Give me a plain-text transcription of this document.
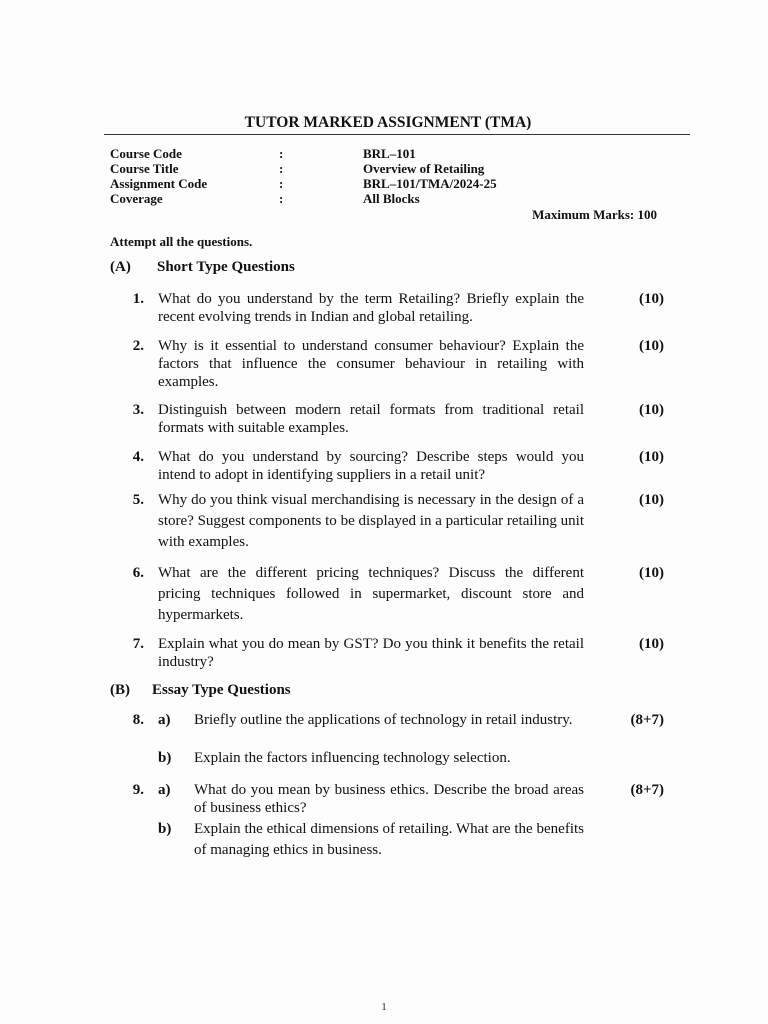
TUTOR MARKED ASSIGNMENT (TMA)
Course Code	:	BRL–101
Course Title	:	Overview of Retailing
Assignment Code	:	BRL–101/TMA/2024-25
Coverage	:	All Blocks
Maximum Marks: 100
Attempt all the questions.
(A) Short Type Questions
1. What do you understand by the term Retailing? Briefly explain the recent evolving trends in Indian and global retailing.
(10)
2. Why is it essential to understand consumer behaviour? Explain the factors that influence the consumer behaviour in retailing with examples.
(10)
3. Distinguish between modern retail formats from traditional retail formats with suitable examples.
(10)
4. What do you understand by sourcing? Describe steps would you intend to adopt in identifying suppliers in a retail unit?
(10)
5. Why do you think visual merchandising is necessary in the design of a store? Suggest components to be displayed in a particular retailing unit with examples.
(10)
6. What are the different pricing techniques? Discuss the different pricing techniques followed in supermarket, discount store and hypermarkets.
(10)
7. Explain what you do mean by GST? Do you think it benefits the retail industry?
(10)
(B) Essay Type Questions
8.	(8+7)
a)	Briefly outline the applications of technology in retail industry.
b)	Explain the factors influencing technology selection.
9.	(8+7)
a)	What do you mean by business ethics. Describe the broad areas of business ethics?
b)	Explain the ethical dimensions of retailing. What are the benefits of managing ethics in business.
1
